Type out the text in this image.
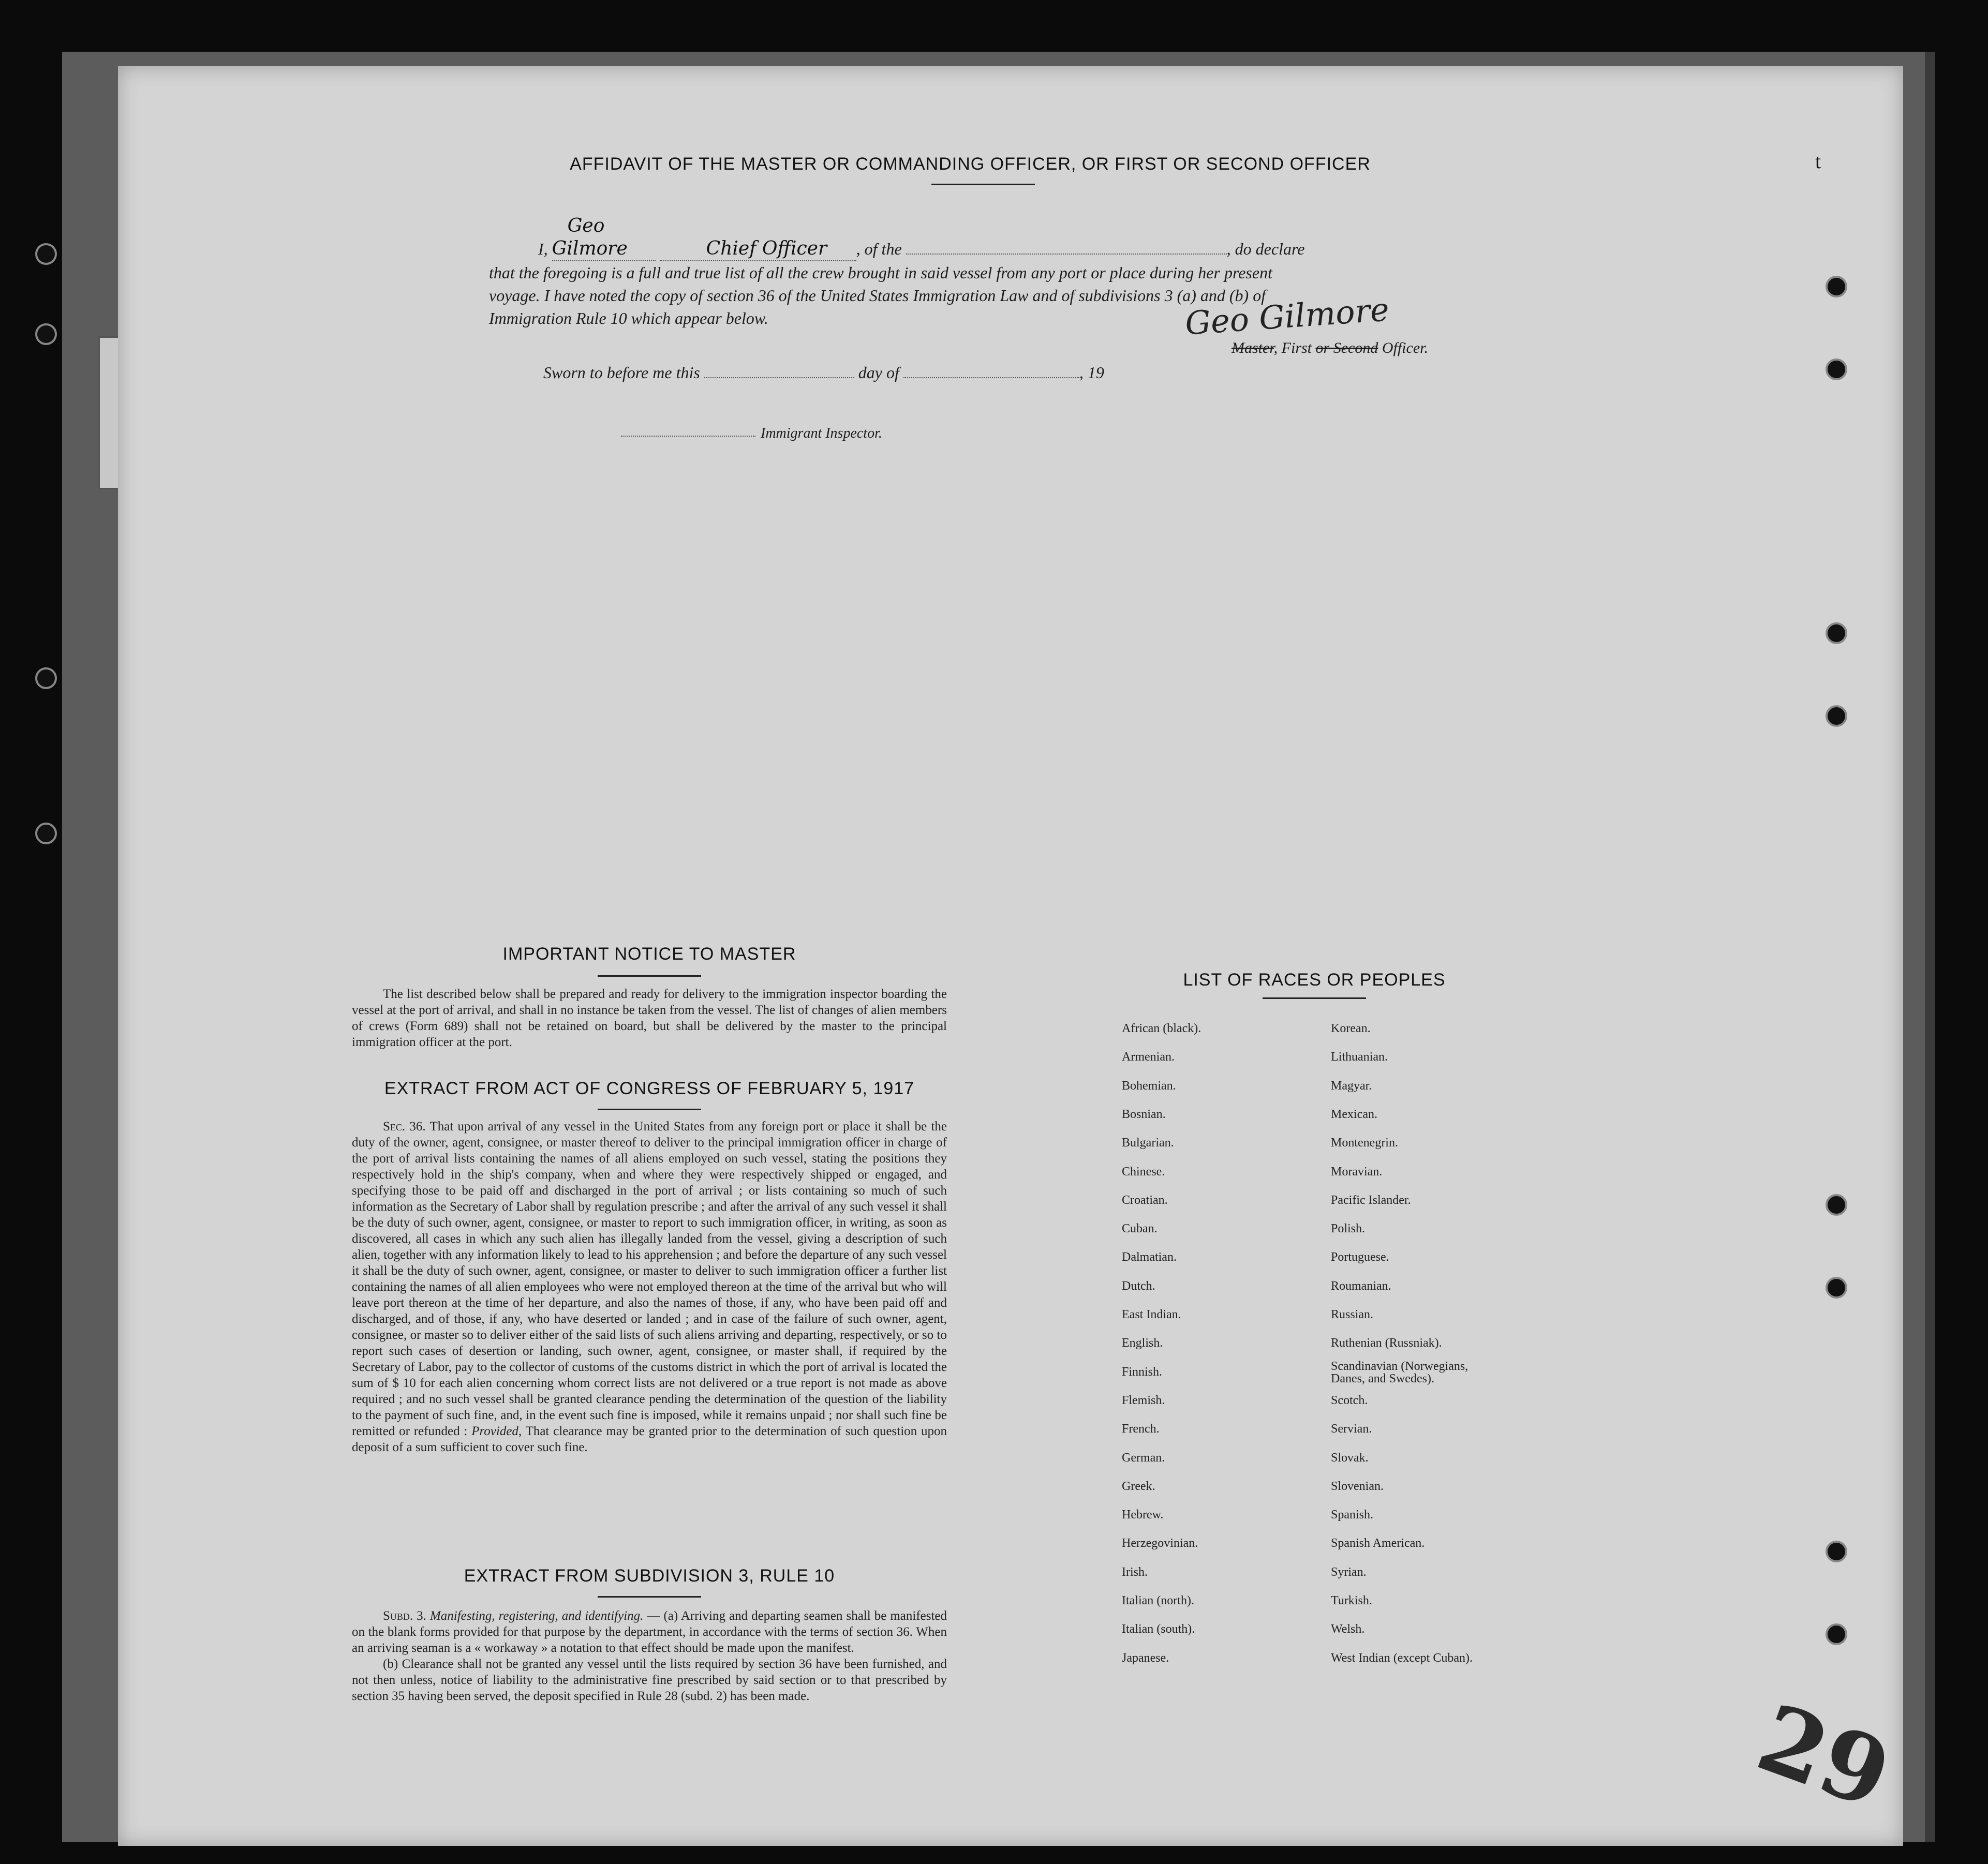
t
AFFIDAVIT OF THE MASTER OR COMMANDING OFFICER, OR FIRST OR SECOND OFFICER
I, Geo Gilmore	Chief Officer , of the	, do declare
that the foregoing is a full and true list of all the crew brought in said vessel from any port or place during her present
voyage. I have noted the copy of section 36 of the United States Immigration Law and of subdivisions 3 (a) and (b) of
Immigration Rule 10 which appear below.	Geo Gilmore
Master, First or Second Officer.
Sworn to before me this	day of	, 19
Immigrant Inspector.
IMPORTANT NOTICE TO MASTER
The list described below shall be prepared and ready for delivery to the immigration inspector boarding the vessel at the port of arrival, and shall in no instance be taken from the vessel. The list of changes of alien members of crews (Form 689) shall not be retained on board, but shall be delivered by the master to the principal immigration officer at the port.
EXTRACT FROM ACT OF CONGRESS OF FEBRUARY 5, 1917
Sec. 36. That upon arrival of any vessel in the United States from any foreign port or place it shall be the duty of the owner, agent, consignee, or master thereof to deliver to the principal immigration officer in charge of the port of arrival lists containing the names of all aliens employed on such vessel, stating the positions they respectively hold in the ship's company, when and where they were respectively shipped or engaged, and specifying those to be paid off and discharged in the port of arrival ; or lists containing so much of such information as the Secretary of Labor shall by regulation prescribe ; and after the arrival of any such vessel it shall be the duty of such owner, agent, consignee, or master to report to such immigration officer, in writing, as soon as discovered, all cases in which any such alien has illegally landed from the vessel, giving a description of such alien, together with any information likely to lead to his apprehension ; and before the departure of any such vessel it shall be the duty of such owner, agent, consignee, or master to deliver to such immigration officer a further list containing the names of all alien employees who were not employed thereon at the time of the arrival but who will leave port thereon at the time of her departure, and also the names of those, if any, who have been paid off and discharged, and of those, if any, who have deserted or landed ; and in case of the failure of such owner, agent, consignee, or master so to deliver either of the said lists of such aliens arriving and departing, respectively, or so to report such cases of desertion or landing, such owner, agent, consignee, or master shall, if required by the Secretary of Labor, pay to the collector of customs of the customs district in which the port of arrival is located the sum of $ 10 for each alien concerning whom correct lists are not delivered or a true report is not made as above required ; and no such vessel shall be granted clearance pending the determination of the question of the liability to the payment of such fine, and, in the event such fine is imposed, while it remains unpaid ; nor shall such fine be remitted or refunded : Provided, That clearance may be granted prior to the determination of such question upon deposit of a sum sufficient to cover such fine.
EXTRACT FROM SUBDIVISION 3, RULE 10
Subd. 3. Manifesting, registering, and identifying. — (a) Arriving and departing seamen shall be manifested on the blank forms provided for that purpose by the department, in accordance with the terms of section 36. When an arriving seaman is a « workaway » a notation to that effect should be made upon the manifest.
(b) Clearance shall not be granted any vessel until the lists required by section 36 have been furnished, and not then unless, notice of liability to the administrative fine prescribed by said section or to that prescribed by section 35 having been served, the deposit specified in Rule 28 (subd. 2) has been made.
LIST OF RACES OR PEOPLES
African (black).
Armenian.
Bohemian.
Bosnian.
Bulgarian.
Chinese.
Croatian.
Cuban.
Dalmatian.
Dutch.
East Indian.
English.
Finnish.
Flemish.
French.
German.
Greek.
Hebrew.
Herzegovinian.
Irish.
Italian (north).
Italian (south).
Japanese.
Korean.
Lithuanian.
Magyar.
Mexican.
Montenegrin.
Moravian.
Pacific Islander.
Polish.
Portuguese.
Roumanian.
Russian.
Ruthenian (Russniak).
Scandinavian (Norwegians, Danes, and Swedes).
Scotch.
Servian.
Slovak.
Slovenian.
Spanish.
Spanish American.
Syrian.
Turkish.
Welsh.
West Indian (except Cuban).
29
